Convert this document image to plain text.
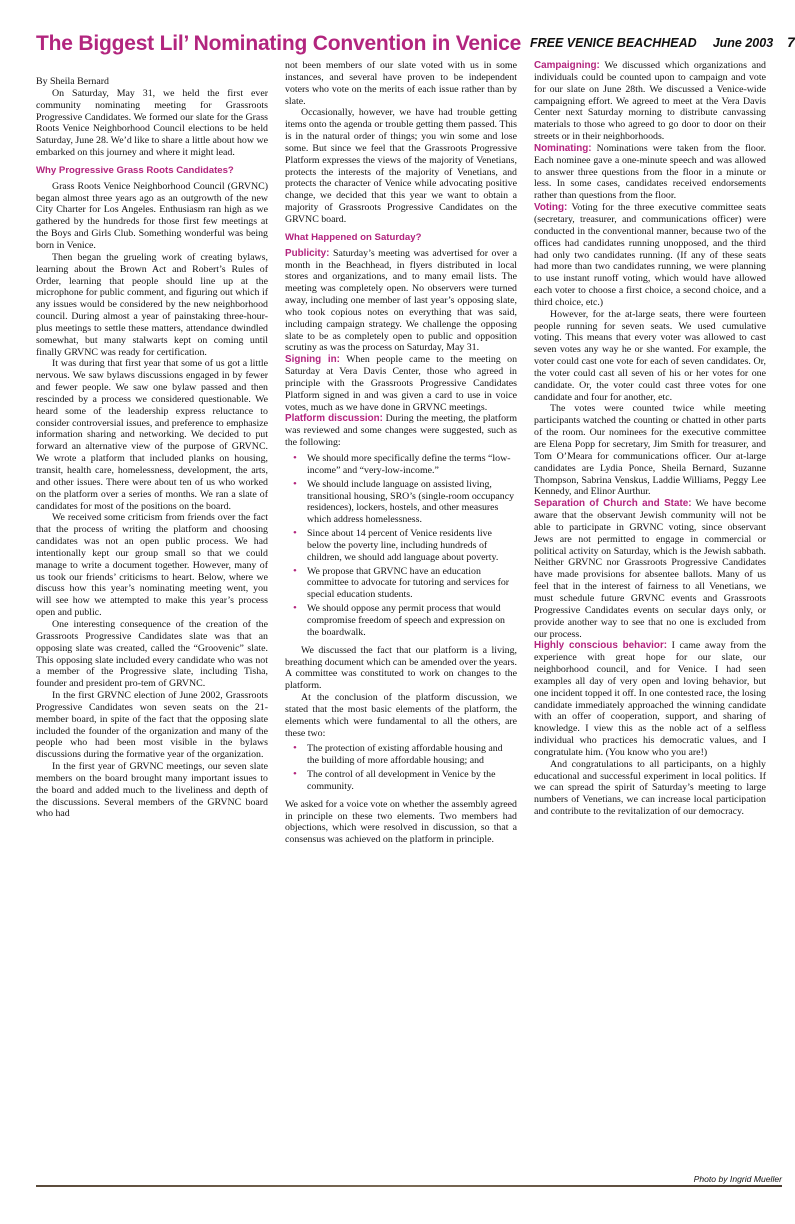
The Biggest Lil’ Nominating Convention in Venice FREE VENICE BEACHHEAD June 2003 7

By Sheila Bernard

On Saturday, May 31, we held the first ever community nominating meeting for Grassroots Progressive Candidates. We formed our slate for the Grass Roots Venice Neighborhood Council elections to be held Saturday, June 28. We’d like to share a little about how we embarked on this journey and where it might lead.

Why Progressive Grass Roots Candidates?

Grass Roots Venice Neighborhood Council (GRVNC) began almost three years ago as an outgrowth of the new City Charter for Los Angeles. Enthusiasm ran high as we gathered by the hundreds for those first few meetings at the Boys and Girls Club. Something wonderful was being born in Venice.

Then began the grueling work of creating bylaws, learning about the Brown Act and Robert’s Rules of Order, learning that people should line up at the microphone for public comment, and figuring out which if any issues would be considered by the new neighborhood council. During almost a year of painstaking three-hour-plus meetings to settle these matters, attendance dwindled somewhat, but many stalwarts kept on coming until finally GRVNC was ready for certification.

It was during that first year that some of us got a little nervous. We saw bylaws discussions engaged in by fewer and fewer people. We saw one bylaw passed and then rescinded by a process we considered questionable. We heard some of the leadership express reluctance to consider controversial issues, and preference to emphasize information sharing and networking. We decided to put forward an alternative view of the purpose of GRVNC. We wrote a platform that included planks on housing, transit, health care, homelessness, development, the arts, and other issues. There were about ten of us who worked on the platform over a series of months. We ran a slate of candidates for most of the positions on the board.

We received some criticism from friends over the fact that the process of writing the platform and choosing candidates was not an open public process. We had intentionally kept our group small so that we could manage to write a document together. However, many of us took our friends’ criticisms to heart. Below, where we discuss how this year’s nominating meeting went, you will see how we attempted to make this year’s process open and public.

One interesting consequence of the creation of the Grassroots Progressive Candidates slate was that an opposing slate was created, called the “Groovenic” slate. This opposing slate included every candidate who was not a member of the Progressive slate, including Tisha, founder and president pro-tem of GRVNC.

In the first GRVNC election of June 2002, Grassroots Progressive Candidates won seven seats on the 21-member board, in spite of the fact that the opposing slate included the founder of the organization and many of the people who had been most visible in the bylaws discussions during the formative year of the organization.

In the first year of GRVNC meetings, our seven slate members on the board brought many important issues to the board and added much to the liveliness and depth of the discussions. Several members of the GRVNC board who had

not been members of our slate voted with us in some instances, and several have proven to be independent voters who vote on the merits of each issue rather than by slate.

Occasionally, however, we have had trouble getting items onto the agenda or trouble getting them passed. This is in the natural order of things; you win some and lose some. But since we feel that the Grassroots Progressive Platform expresses the views of the majority of Venetians, protects the interests of the majority of Venetians, and protects the character of Venice while advocating positive change, we decided that this year we want to obtain a majority of Grassroots Progressive Candidates on the GRVNC board.

What Happened on Saturday?

Publicity: Saturday’s meeting was advertised for over a month in the Beachhead, in flyers distributed in local stores and organizations, and to many email lists. The meeting was completely open. No observers were turned away, including one member of last year’s opposing slate, who took copious notes on everything that was said, including campaign strategy. We challenge the opposing slate to be as completely open to public and opposition scrutiny as was the process on Saturday, May 31.

Signing in: When people came to the meeting on Saturday at Vera Davis Center, those who agreed in principle with the Grassroots Progressive Candidates Platform signed in and was given a card to use in voice votes, much as we have done in GRVNC meetings.

Platform discussion: During the meeting, the platform was reviewed and some changes were suggested, such as the following:

• We should more specifically define the terms “low-income” and “very-low-income.”
• We should include language on assisted living, transitional housing, SRO’s (single-room occupancy residences), lockers, hostels, and other measures which address homelessness.
• Since about 14 percent of Venice residents live below the poverty line, including hundreds of children, we should add language about poverty.
• We propose that GRVNC have an education committee to advocate for tutoring and services for special education students.
• We should oppose any permit process that would compromise freedom of speech and expression on the boardwalk.

We discussed the fact that our platform is a living, breathing document which can be amended over the years. A committee was constituted to work on changes to the platform.

At the conclusion of the platform discussion, we stated that the most basic elements of the platform, the elements which were fundamental to all the others, are these two:

• The protection of existing affordable housing and the building of more affordable housing; and
• The control of all development in Venice by the community.

We asked for a voice vote on whether the assembly agreed in principle on these two elements. Two members had objections, which were resolved in discussion, so that a consensus was achieved on the platform in principle.

Campaigning: We discussed which organizations and individuals could be counted upon to campaign and vote for our slate on June 28th. We discussed a Venice-wide campaigning effort. We agreed to meet at the Vera Davis Center next Saturday morning to distribute canvassing materials to those who agreed to go door to door on their streets or in their neighborhoods.

Nominating: Nominations were taken from the floor. Each nominee gave a one-minute speech and was allowed to answer three questions from the floor in a minute or less. In some cases, candidates received endorsements rather than questions from the floor.

Voting: Voting for the three executive committee seats (secretary, treasurer, and communications officer) were conducted in the conventional manner, because two of the offices had candidates running unopposed, and the third had only two candidates running. (If any of these seats had more than two candidates running, we were planning to use instant runoff voting, which would have allowed each voter to choose a first choice, a second choice, and a third choice, etc.)

However, for the at-large seats, there were fourteen people running for seven seats. We used cumulative voting. This means that every voter was allowed to cast seven votes any way he or she wanted. For example, the voter could cast one vote for each of seven candidates. Or, the voter could cast all seven of his or her votes for one candidate. Or, the voter could cast three votes for one candidate and four for another, etc.

The votes were counted twice while meeting participants watched the counting or chatted in other parts of the room. Our nominees for the executive committee are Elena Popp for secretary, Jim Smith for treasurer, and Tom O’Meara for communications officer. Our at-large candidates are Lydia Ponce, Sheila Bernard, Suzanne Thompson, Sabrina Venskus, Laddie Williams, Peggy Lee Kennedy, and Elinor Aurthur.

Separation of Church and State: We have become aware that the observant Jewish community will not be able to participate in GRVNC voting, since observant Jews are not permitted to engage in commercial or political activity on Saturday, which is the Jewish sabbath. Neither GRVNC nor Grassroots Progressive Candidates have made provisions for absentee ballots. Many of us feel that in the interest of fairness to all Venetians, we must schedule future GRVNC events and Grassroots Progressive Candidates events on secular days only, or provide another way to see that no one is excluded from our process.

Highly conscious behavior: I came away from the experience with great hope for our slate, our neighborhood council, and for Venice. I had seen examples all day of very open and loving behavior, but one incident topped it off. In one contested race, the losing candidate immediately approached the winning candidate with an offer of cooperation, support, and sharing of knowledge. I view this as the noble act of a selfless individual who practices his democratic values, and I congratulate him. (You know who you are!)

And congratulations to all participants, on a highly educational and successful experiment in local politics. If we can spread the spirit of Saturday’s meeting to large numbers of Venetians, we can increase local participation and contribute to the revitalization of our democracy.

Photo by Ingrid Mueller
Progressive slate nominates candidates, May 31
